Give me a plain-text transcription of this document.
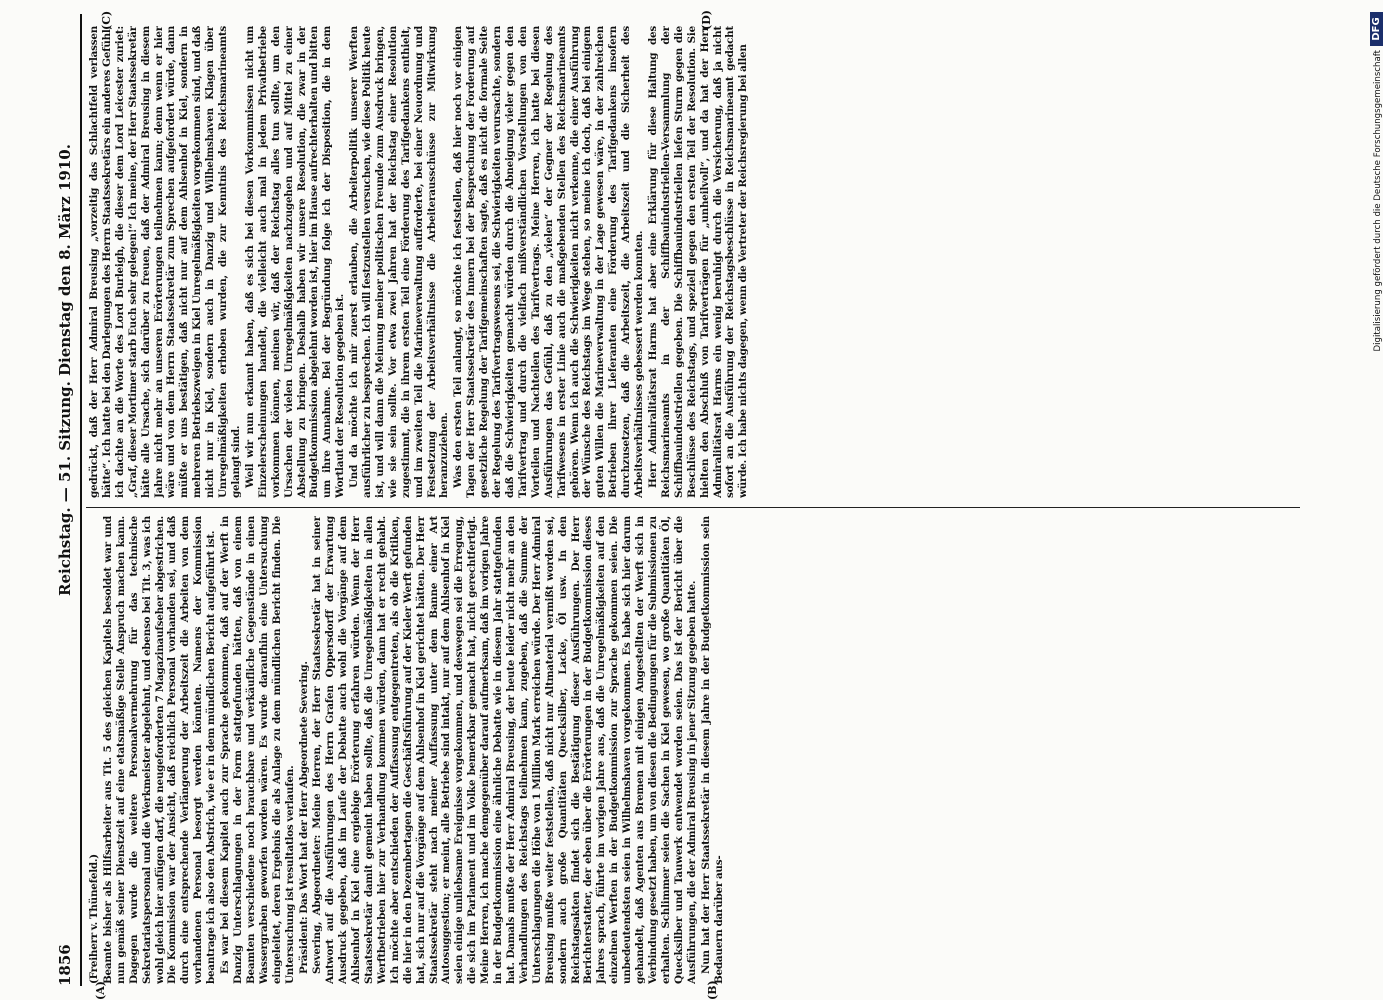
1856
Reichstag. — 51. Sitzung.
Dienstag den 8. März 1910.
(A)	(B)
(C)	(D)

(Freiherr v. Thünefeld.) Beamte bisher als Hilfsarbeiter aus Tit. 5 des gleichen Kapitels besoldet war und nun gemäß seiner Dienstzeit auf eine etatsmäßige Stelle Anspruch machen kann. Dagegen wurde die weitere Personalvermehrung für das technische Sekretariatspersonal und die Werkmeister abgelehnt, und ebenso bei Tit. 3, was ich wohl gleich hier anfügen darf, die neugeforderten 7 Magazinaufseher abgestrichen. Die Kommission war der Ansicht, daß reichlich Personal vorhanden sei, und daß durch eine entsprechende Verlängerung der Arbeitszeit die Arbeiten von dem vorhandenen Personal besorgt werden könnten. Namens der Kommission beantrage ich also den Abstrich, wie er in dem mündlichen Bericht aufgeführt ist. Es war bei diesem Kapitel auch zur Sprache gekommen, daß auf der Werft in Danzig Unterschlagungen in der Form stattgefunden hätten, daß von einem Beamten verschiedene noch brauchbare und verkäufliche Gegenstände in einen Wassergraben geworfen worden wären. Es wurde daraufhin eine Untersuchung eingeleitet, deren Ergebnis die als Anlage zu dem mündlichen Bericht finden. Die Untersuchung ist resultatlos verlaufen. Präsident: Das Wort hat der Herr Abgeordnete Severing. Severing, Abgeordneter: Meine Herren, der Herr Staatssekretär hat in seiner Antwort auf die Ausführungen des Herrn Grafen Oppersdorff der Erwartung Ausdruck gegeben, daß im Laufe der Debatte auch wohl die Vorgänge auf dem Ahlsenhof in Kiel eine ergiebige Erörterung erfahren würden. Wenn der Herr Staatssekretär damit gemeint haben sollte, daß die Unregelmäßigkeiten in allen Werftbetrieben hier zur Verhandlung kommen würden, dann hat er recht gehabt. Ich möchte aber entschieden der Auffassung entgegentreten, als ob die Kritiken, die hier in den Dezembertagen die Geschäftsführung auf der Kieler Werft gefunden hat, sich nur auf die Vorgänge auf dem Ahlsenhof in Kiel gerichtet hätten. Der Herr Staatssekretär steht nach meiner Auffassung unter dem Banne einer Art Autosuggestion; er meint, alle Betriebe sind intakt, nur auf dem Ahlsenhof in Kiel seien einige unliebsame Ereignisse vorgekommen, und deswegen sei die Erregung, die sich im Parlament und im Volke bemerkbar gemacht hat, nicht gerechtfertigt. Meine Herren, ich mache demgegenüber darauf aufmerksam, daß im vorigen Jahre in der Budgetkommission eine ähnliche Debatte wie in diesem Jahr stattgefunden hat. Damals mußte der Herr Admiral Breusing, der heute leider nicht mehr an den Verhandlungen des Reichstags teilnehmen kann, zugeben, daß die Summe der Unterschlagungen die Höhe von 1 Million Mark erreichen würde. Der Herr Admiral Breusing mußte weiter feststellen, daß nicht nur Altmaterial vermißt worden sei, sondern auch große Quantitäten Quecksilber, Lacke, Öl usw. In den Reichstagsakten findet sich die Bestätigung dieser Ausführungen. Der Herr Berichterstatter, der eben über die Erörterungen in der Budgetkommission dieses Jahres sprach, führte im vorigen Jahre aus, daß die Unregelmäßigkeiten auf den einzelnen Werften in der Budgetkommission zur Sprache gekommen seien. Die unbedeutendsten seien in Wilhelmshaven vorgekommen. Es habe sich hier darum gehandelt, daß Agenten aus Bremen mit einigen Angestellten der Werft sich in Verbindung gesetzt haben, um von diesen die Bedingungen für die Submissionen zu erhalten. Schlimmer seien die Sachen in Kiel gewesen, wo große Quantitäten Öl, Quecksilber und Tauwerk entwendet worden seien. Das ist der Bericht über die Ausführungen, die der Admiral Breusing in jener Sitzung gegeben hatte. Nun hat der Herr Staatssekretär in diesem Jahre in der Budgetkommission sein Bedauern darüber aus-

gedrückt, daß der Herr Admiral Breusing „vorzeitig das Schlachtfeld verlassen hätte“. Ich hatte bei den Darlegungen des Herrn Staatssekretärs ein anderes Gefühl, ich dachte an die Worte des Lord Burleigh, die dieser dem Lord Leicester zuriet: „Graf, dieser Mortimer starb Euch sehr gelegen!“ Ich meine, der Herr Staatssekretär hätte alle Ursache, sich darüber zu freuen, daß der Admiral Breusing in diesem Jahre nicht mehr an unseren Erörterungen teilnehmen kann; denn wenn er hier wäre und von dem Herrn Staatssekretär zum Sprechen aufgefordert würde, dann müßte er uns bestätigen, daß nicht nur auf dem Ahlsenhof in Kiel, sondern in mehreren Betriebszweigen in Kiel Unregelmäßigkeiten vorgekommen sind, und daß nicht nur in Kiel, sondern auch in Danzig und Wilhelmshaven Klagen über Unregelmäßigkeiten erhoben wurden, die zur Kenntnis des Reichsmarineamts gelangt sind. Weil wir nun erkannt haben, daß es sich bei diesen Vorkommnissen nicht um Einzelerscheinungen handelt, die vielleicht auch mal in jedem Privatbetriebe vorkommen können, meinen wir, daß der Reichstag alles tun sollte, um den Ursachen der vielen Unregelmäßigkeiten nachzugehen und auf Mittel zu einer Abstellung zu bringen. Deshalb haben wir unsere Resolution, die zwar in der Budgetkommission abgelehnt worden ist, hier im Hause aufrechterhalten und bitten um ihre Annahme. Bei der Begründung folge ich der Disposition, die in dem Wortlaut der Resolution gegeben ist. Und da möchte ich mir zuerst erlauben, die Arbeiterpolitik unserer Werften ausführlicher zu besprechen. Ich will festzustellen versuchen, wie diese Politik heute ist, und will dann die Meinung meiner politischen Freunde zum Ausdruck bringen, wie sie sein sollte. Vor etwa zwei Jahren hat der Reichstag einer Resolution zugestimmt, die in ihrem ersten Teil eine Förderung des Tarifgedankens enthielt, und im zweiten Teil die Marineverwaltung aufforderte, bei einer Neuordnung und Festsetzung der Arbeitsverhältnisse die Arbeiterausschüsse zur Mitwirkung heranzuziehen. Was den ersten Teil anlangt, so möchte ich feststellen, daß hier noch vor einigen Tagen der Herr Staatssekretär des Innern bei der Besprechung der Forderung auf gesetzliche Regelung der Tarifgemeinschaften sagte, daß es nicht die formale Seite der Regelung des Tarifvertragswesens sei, die Schwierigkeiten verursachte, sondern daß die Schwierigkeiten gemacht würden durch die Abneigung vieler gegen den Tarifvertrag und durch die vielfach mißverständlichen Vorstellungen von den Vorteilen und Nachteilen des Tarifvertrags. Meine Herren, ich hatte bei diesen Ausführungen das Gefühl, daß zu den „vielen“ der Gegner der Regelung des Tarifwesens in erster Linie auch die maßgebenden Stellen des Reichsmarineamts gehören. Wenn ich auch die Schwierigkeiten nicht verkenne, die einer Ausführung der Wünsche des Reichstags im Wege stehen, so meine ich doch, daß bei einigem guten Willen die Marineverwaltung in der Lage gewesen wäre, in der zahlreichen Betrieben ihrer Lieferanten eine Förderung des Tarifgedankens insofern durchzusetzen, daß die Arbeitszeit, die Arbeitszeit und die Sicherheit des Arbeitsverhältnisses gebessert werden konnten. Herr Admiralitätsrat Harms hat aber eine Erklärung für diese Haltung des Reichsmarineamts in der Schiffbauindustriellen-Versammlung der Schiffbauindustriellen gegeben. Die Schiffbauindustriellen liefen Sturm gegen die Beschlüsse des Reichstags, und speziell gegen den ersten Teil der Resolution. Sie hielten den Abschluß von Tarifverträgen für „unheilvoll“, und da hat der Herr Admiralitätsrat Harms ein wenig beruhigt durch die Versicherung, daß ja nicht sofort an die Ausführung der Reichstagsbeschlüsse in Reichsmarineamt gedacht würde. Ich habe nichts dagegen, wenn die Vertreter der Reichsregierung bei allen	Digitalisierung gefördert durch die Deutsche Forschungsgemeinschaft
DFG
